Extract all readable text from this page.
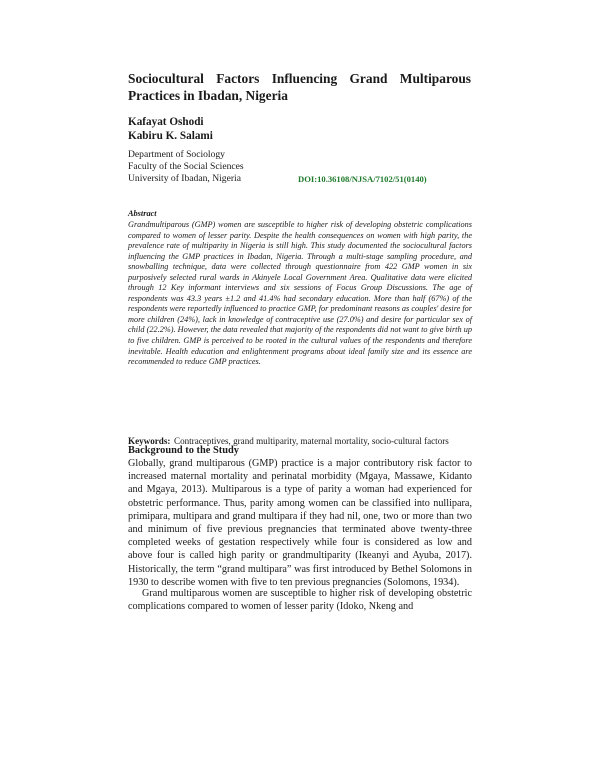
Sociocultural Factors Influencing Grand Multiparous Practices in Ibadan, Nigeria

Kafayat Oshodi

Kabiru K. Salami

Department of Sociology
Faculty of the Social Sciences
University of Ibadan, Nigeria	DOI:10.36108/NJSA/7102/51(0140)
Abstract

Grandmultiparous (GMP) women are susceptible to higher risk of developing obstetric complications compared to women of lesser parity. Despite the health consequences on women with high parity, the prevalence rate of multiparity in Nigeria is still high. This study documented the sociocultural factors influencing the GMP practices in Ibadan, Nigeria. Through a multi-stage sampling procedure, and snowballing technique, data were collected through questionnaire from 422 GMP women in six purposively selected rural wards in Akinyele Local Government Area. Qualitative data were elicited through 12 Key informant interviews and six sessions of Focus Group Discussions. The age of respondents was 43.3 years ±1.2 and 41.4% had secondary education. More than half (67%) of the respondents were reportedly influenced to practice GMP, for predominant reasons as couples' desire for more children (24%), lack in knowledge of contraceptive use (27.0%) and desire for particular sex of child (22.2%). However, the data revealed that majority of the respondents did not want to give birth up to five children. GMP is perceived to be rooted in the cultural values of the respondents and therefore inevitable. Health education and enlightenment programs about ideal family size and its essence are recommended to reduce GMP practices.

Keywords: Contraceptives, grand multiparity, maternal mortality, socio-cultural factors
Background to the Study

Globally, grand multiparous (GMP) practice is a major contributory risk factor to increased maternal mortality and perinatal morbidity (Mgaya, Massawe, Kidanto and Mgaya, 2013). Multiparous is a type of parity a woman had experienced for obstetric performance. Thus, parity among women can be classified into nullipara, primipara, multipara and grand multipara if they had nil, one, two or more than two and minimum of five previous pregnancies that terminated above twenty-three completed weeks of gestation respectively while four is considered as low and above four is called high parity or grandmultiparity (Ikeanyi and Ayuba, 2017). Historically, the term “grand multipara” was first introduced by Bethel Solomons in 1930 to describe women with five to ten previous pregnancies (Solomons, 1934).

Grand multiparous women are susceptible to higher risk of developing obstetric complications compared to women of lesser parity (Idoko, Nkeng and
